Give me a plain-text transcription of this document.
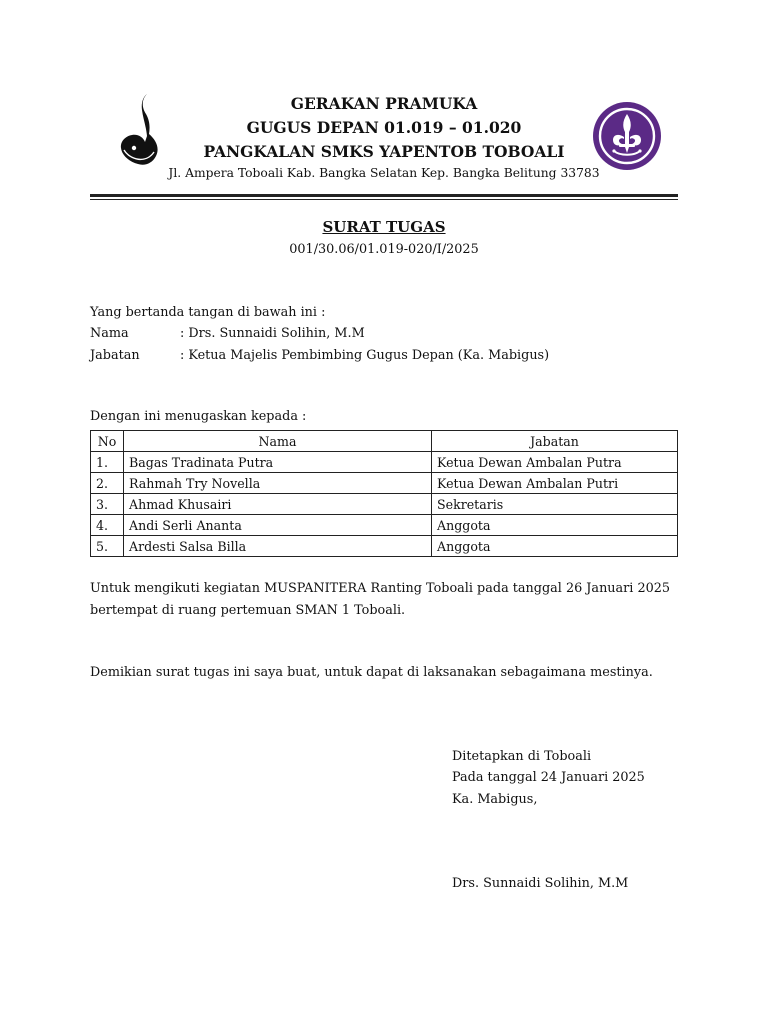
GERAKAN PRAMUKA
GUGUS DEPAN 01.019 – 01.020
PANGKALAN SMKS YAPENTOB TOBOALI
Jl. Ampera Toboali Kab. Bangka Selatan Kep. Bangka Belitung 33783
SURAT TUGAS
001/30.06/01.019-020/I/2025
Yang bertanda tangan di bawah ini :
Nama	: Drs. Sunnaidi Solihin, M.M
Jabatan	: Ketua Majelis Pembimbing Gugus Depan (Ka. Mabigus)
Dengan ini menugaskan kepada :
No	Nama	Jabatan
1.	Bagas Tradinata Putra	Ketua Dewan Ambalan Putra
2.	Rahmah Try Novella	Ketua Dewan Ambalan Putri
3.	Ahmad Khusairi	Sekretaris
4.	Andi Serli Ananta	Anggota
5.	Ardesti Salsa Billa	Anggota
Untuk mengikuti kegiatan MUSPANITERA Ranting Toboali pada tanggal 26 Januari 2025
bertempat di ruang pertemuan SMAN 1 Toboali.
Demikian surat tugas ini saya buat, untuk dapat di laksanakan sebagaimana mestinya.
Ditetapkan di Toboali
Pada tanggal 24 Januari 2025
Ka. Mabigus,
Drs. Sunnaidi Solihin, M.M
